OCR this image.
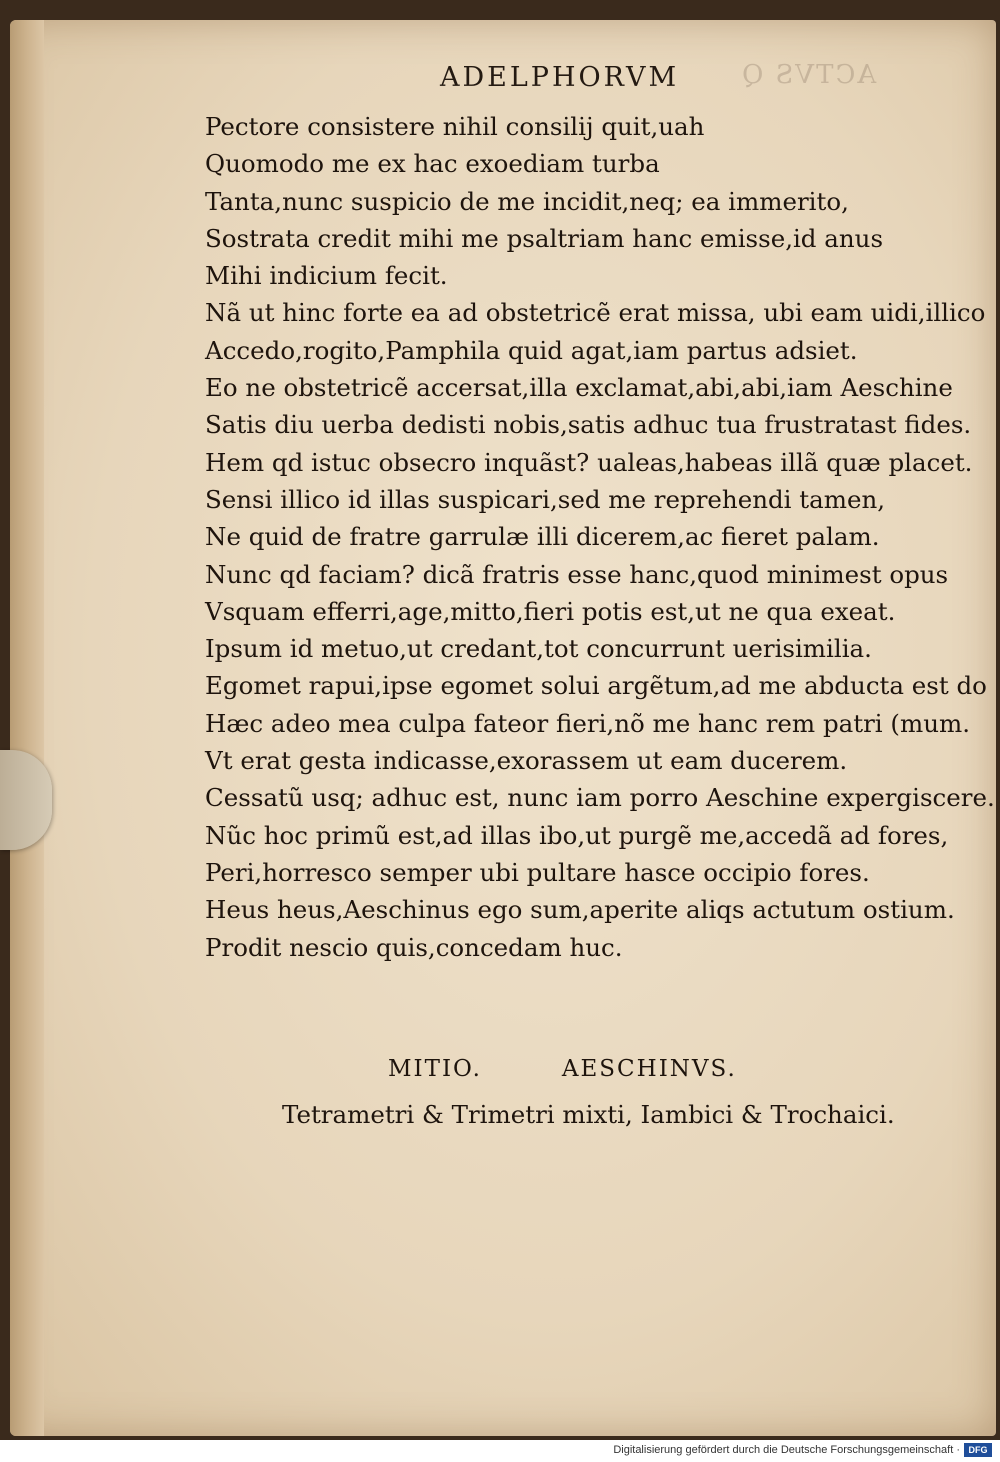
ACTVS Q
ADELPHORVM
Pectore consistere nihil consilij quit,uah
Quomodo me ex hac exoediam turba
Tanta,nunc suspicio de me incidit,neq; ea immerito,
Sostrata credit mihi me psaltriam hanc emisse,id anus
Mihi indicium fecit.
Nã ut hinc forte ea ad obstetricẽ erat missa, ubi eam uidi,illico
Accedo,rogito,Pamphila quid agat,iam partus adsiet.
Eo ne obstetricẽ accersat,illa exclamat,abi,abi,iam Aeschine
Satis diu uerba dedisti nobis,satis adhuc tua frustratast fides.
Hem qd istuc obsecro inquãst? ualeas,habeas illã quæ placet.
Sensi illico id illas suspicari,sed me reprehendi tamen,
Ne quid de fratre garrulæ illi dicerem,ac fieret palam.
Nunc qd faciam? dicã fratris esse hanc,quod minimest opus
Vsquam efferri,age,mitto,fieri potis est,ut ne qua exeat.
Ipsum id metuo,ut credant,tot concurrunt uerisimilia.
Egomet rapui,ipse egomet solui argẽtum,ad me abducta est do
Hæc adeo mea culpa fateor fieri,nõ me hanc rem patri (mum.
Vt erat gesta indicasse,exorassem ut eam ducerem.
Cessatũ usq; adhuc est, nunc iam porro Aeschine expergiscere.
Nũc hoc primũ est,ad illas ibo,ut purgẽ me,accedã ad fores,
Peri,horresco semper ubi pultare hasce occipio fores.
Heus heus,Aeschinus ego sum,aperite aliqs actutum ostium.
Prodit nescio quis,concedam huc.
MITIO.	AESCHINVS.
Tetrametri & Trimetri mixti, Iambici & Trochaici.
Digitalisierung gefördert durch die Deutsche Forschungsgemeinschaft · DFG
